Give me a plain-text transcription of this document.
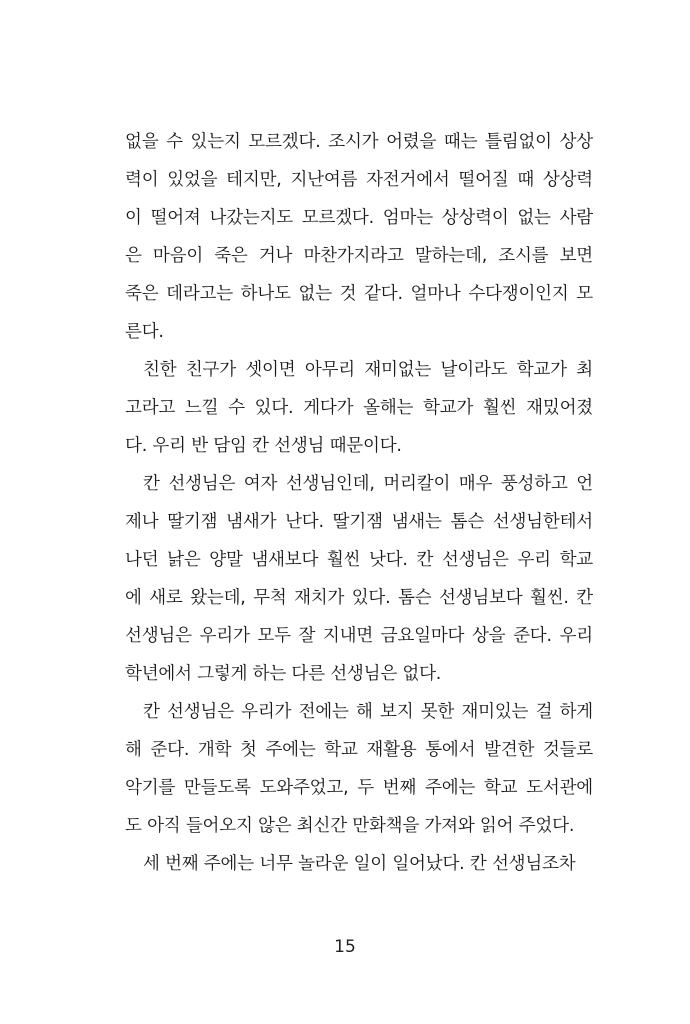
없을 수 있는지 모르겠다. 조시가 어렸을 때는 틀림없이 상상
력이 있었을 테지만, 지난여름 자전거에서 떨어질 때 상상력
이 떨어져 나갔는지도 모르겠다. 엄마는 상상력이 없는 사람
은 마음이 죽은 거나 마찬가지라고 말하는데, 조시를 보면
죽은 데라고는 하나도 없는 것 같다. 얼마나 수다쟁이인지 모
른다.
친한 친구가 셋이면 아무리 재미없는 날이라도 학교가 최
고라고 느낄 수 있다. 게다가 올해는 학교가 훨씬 재밌어졌
다. 우리 반 담임 칸 선생님 때문이다.
칸 선생님은 여자 선생님인데, 머리칼이 매우 풍성하고 언
제나 딸기잼 냄새가 난다. 딸기잼 냄새는 톰슨 선생님한테서
나던 낡은 양말 냄새보다 훨씬 낫다. 칸 선생님은 우리 학교
에 새로 왔는데, 무척 재치가 있다. 톰슨 선생님보다 훨씬. 칸
선생님은 우리가 모두 잘 지내면 금요일마다 상을 준다. 우리
학년에서 그렇게 하는 다른 선생님은 없다.
칸 선생님은 우리가 전에는 해 보지 못한 재미있는 걸 하게
해 준다. 개학 첫 주에는 학교 재활용 통에서 발견한 것들로
악기를 만들도록 도와주었고, 두 번째 주에는 학교 도서관에
도 아직 들어오지 않은 최신간 만화책을 가져와 읽어 주었다.
세 번째 주에는 너무 놀라운 일이 일어났다. 칸 선생님조차
15
